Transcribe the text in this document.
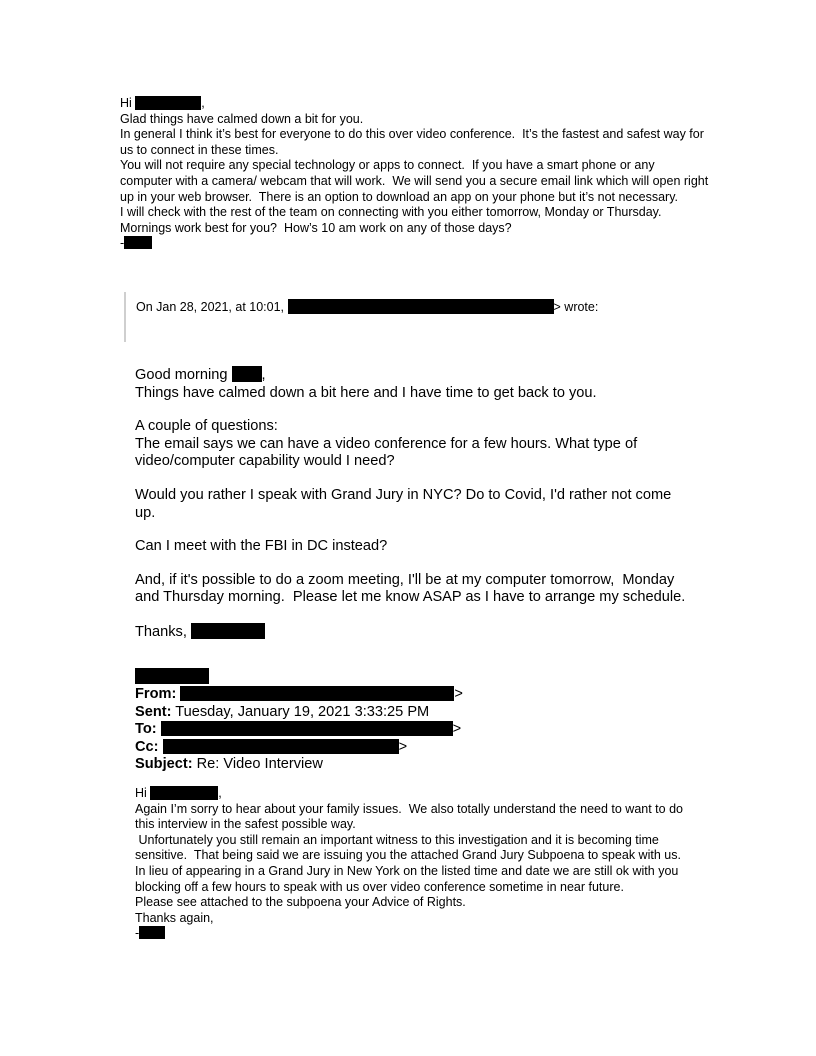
Hi	,
Glad things have calmed down a bit for you.
In general I think it’s best for everyone to do this over video conference.  It’s the fastest and safest way for us to connect in these times.
You will not require any special technology or apps to connect.  If you have a smart phone or any computer with a camera/ webcam that will work.  We will send you a secure email link which will open right up in your web browser.  There is an option to download an app on your phone but it’s not necessary.
I will check with the rest of the team on connecting with you either tomorrow, Monday or Thursday.  Mornings work best for you?  How’s 10 am work on any of those days?
-
On Jan 28, 2021, at 10:01,	> wrote:
Good morning ,
Things have calmed down a bit here and I have time to get back to you.
A couple of questions:
The email says we can have a video conference for a few hours. What type of video/computer capability would I need?
Would you rather I speak with Grand Jury in NYC? Do to Covid, I'd rather not come up.
Can I meet with the FBI in DC instead?
And, if it's possible to do a zoom meeting, I'll be at my computer tomorrow,  Monday and Thursday morning.  Please let me know ASAP as I have to arrange my schedule.
Thanks,
From:	>
Sent: Tuesday, January 19, 2021 3:33:25 PM
To:	>
Cc:	>
Subject: Re: Video Interview
Hi	,
Again I’m sorry to hear about your family issues.  We also totally understand the need to want to do this interview in the safest possible way.
Unfortunately you still remain an important witness to this investigation and it is becoming time sensitive.  That being said we are issuing you the attached Grand Jury Subpoena to speak with us.  In lieu of appearing in a Grand Jury in New York on the listed time and date we are still ok with you blocking off a few hours to speak with us over video conference sometime in near future.
Please see attached to the subpoena your Advice of Rights.
Thanks again,
-
